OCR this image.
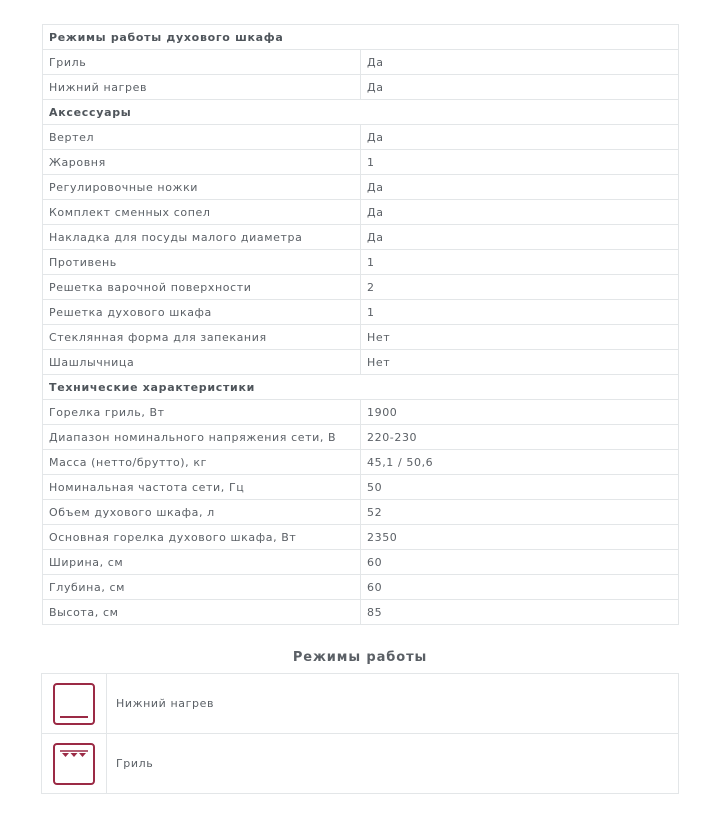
Режимы работы духового шкафа	
Гриль	Да
Нижний нагрев	Да
Аксессуары	
Вертел	Да
Жаровня	1
Регулировочные ножки	Да
Комплект сменных сопел	Да
Накладка для посуды малого диаметра	Да
Противень	1
Решетка варочной поверхности	2
Решетка духового шкафа	1
Стеклянная форма для запекания	Нет
Шашлычница	Нет
Технические характеристики	
Горелка гриль, Вт	1900
Диапазон номинального напряжения сети, В	220-230
Масса (нетто/брутто), кг	45,1 / 50,6
Номинальная частота сети, Гц	50
Объем духового шкафа, л	52
Основная горелка духового шкафа, Вт	2350
Ширина, см	60
Глубина, см	60
Высота, см	85
Режимы работы
	Нижний нагрев

	Гриль
